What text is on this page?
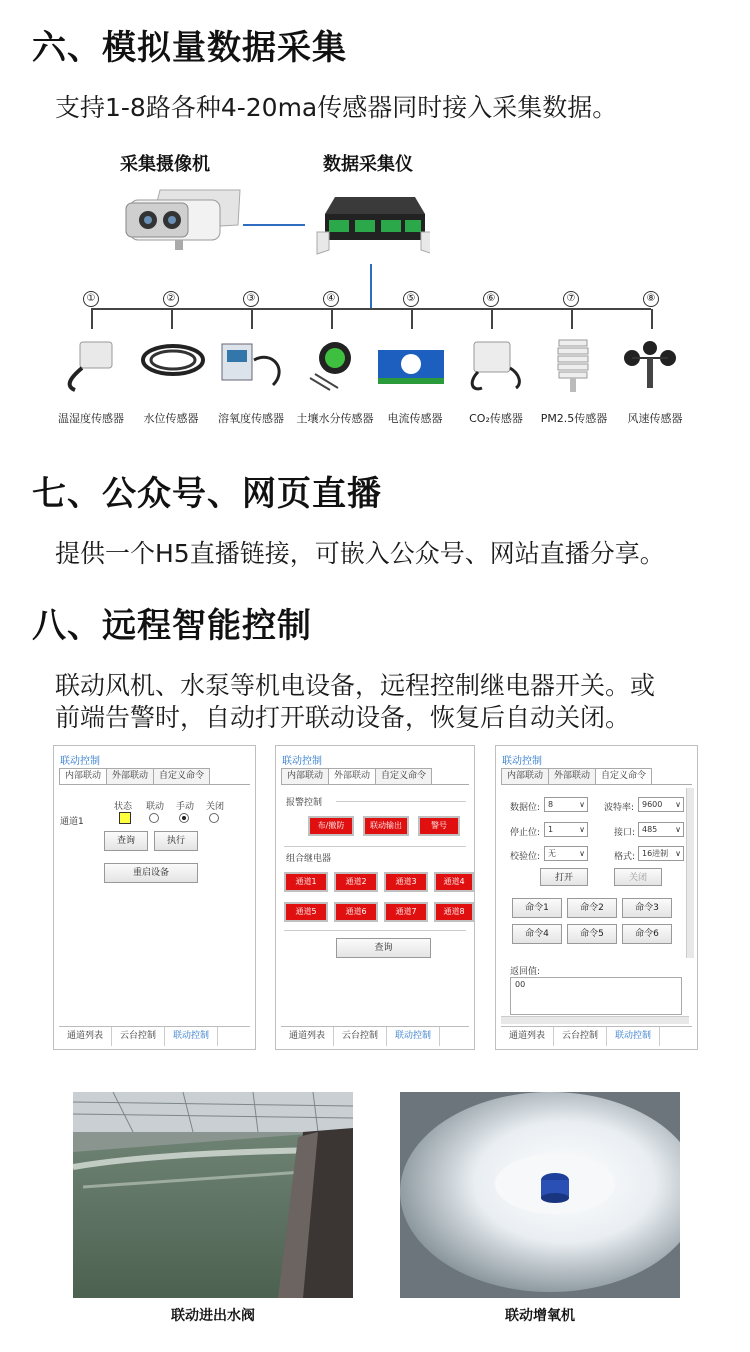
六、模拟量数据采集
支持1-8路各种4-20ma传感器同时接入采集数据。
采集摄像机	数据采集仪
①	②	③	④	⑤	⑥	⑦	⑧
温湿度传感器	水位传感器	溶氧度传感器	土壤水分传感器	电流传感器	CO₂传感器	PM2.5传感器	风速传感器
七、公众号、网页直播
提供一个H5直播链接，可嵌入公众号、网站直播分享。
八、远程智能控制
联动风机、水泵等机电设备，远程控制继电器开关。或
前端告警时，自动打开联动设备，恢复后自动关闭。
联动控制
内部联动	外部联动	自定义命令
状态 联动 手动 关闭
通道1
查询	执行
重启设备
通道列表	云台控制	联动控制
联动控制
内部联动	外部联动	自定义命令
报警控制
布/撤防	联动输出	警号
组合继电器
通道1	通道2	通道3	通道4
通道5	通道6	通道7	通道8
查询
通道列表	云台控制	联动控制
联动控制
内部联动	外部联动	自定义命令
数据位: 8 ∨	波特率: 9600 ∨
停止位: 1 ∨	接口: 485 ∨
校验位: 无 ∨	格式: 16进制 ∨
打开	关闭
命令1	命令2	命令3
命令4	命令5	命令6
返回值:
00
通道列表	云台控制	联动控制
联动进出水阀	联动增氧机
